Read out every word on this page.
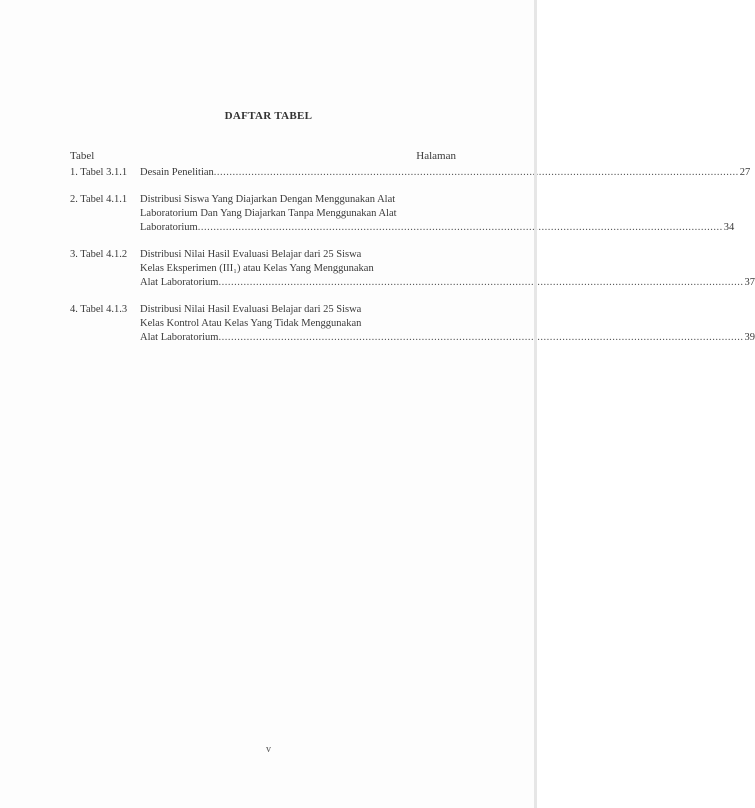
DAFTAR TABEL
Tabel	Halaman
1. Tabel 3.1.1	Desain Penelitian .....	27
2. Tabel 4.1.1	Distribusi Siswa Yang Diajarkan Dengan Menggunakan Alat
Laboratorium Dan Yang Diajarkan Tanpa Menggunakan Alat
Laboratorium .....	34
3. Tabel 4.1.2	Distribusi Nilai Hasil Evaluasi Belajar dari 25 Siswa
Kelas Eksperimen (III₁) atau Kelas Yang Menggunakan
Alat Laboratorium .....	37
4. Tabel 4.1.3	Distribusi Nilai Hasil Evaluasi Belajar dari 25 Siswa
Kelas Kontrol Atau Kelas Yang Tidak Menggunakan
Alat Laboratorium .....	39
v
